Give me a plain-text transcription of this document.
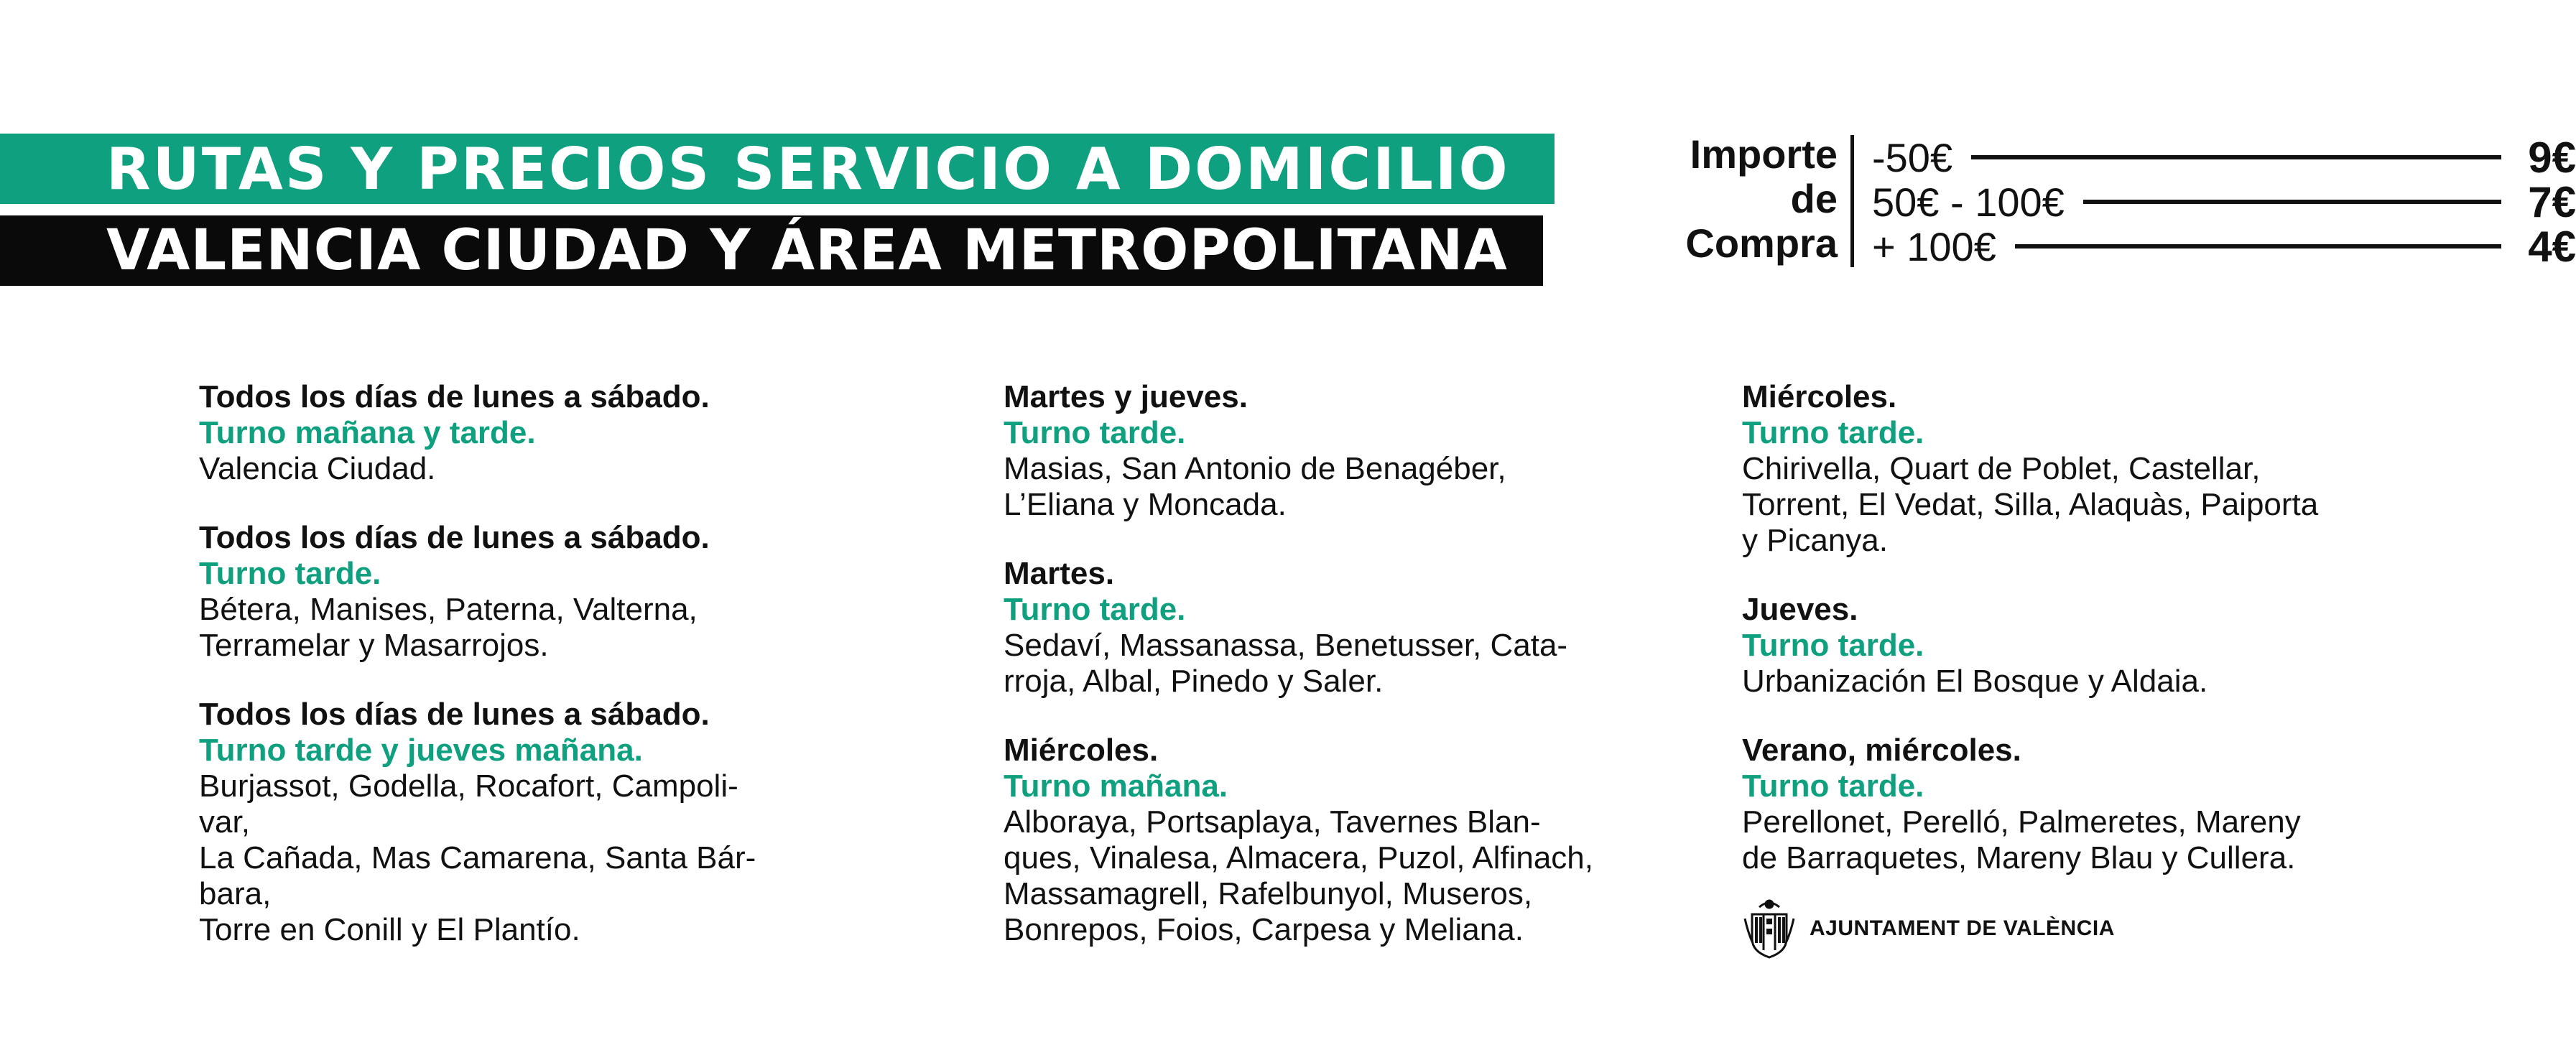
RUTAS Y PRECIOS SERVICIO A DOMICILIO
VALENCIA CIUDAD Y ÁREA METROPOLITANA
Importe
de
Compra
-50€	9€
50€ - 100€	7€
+ 100€	4€
Todos los días de lunes a sábado.
Turno mañana y tarde.
Valencia Ciudad.
Todos los días de lunes a sábado.
Turno tarde.
Bétera, Manises, Paterna, Valterna,
Terramelar y Masarrojos.
Todos los días de lunes a sábado.
Turno tarde y jueves mañana.
Burjassot, Godella, Rocafort, Campoli-
var,
La Cañada, Mas Camarena, Santa Bár-
bara,
Torre en Conill y El Plantío.
Martes y jueves.
Turno tarde.
Masias, San Antonio de Benagéber,
L’Eliana y Moncada.
Martes.
Turno tarde.
Sedaví, Massanassa, Benetusser, Cata-
rroja, Albal, Pinedo y Saler.
Miércoles.
Turno mañana.
Alboraya, Portsaplaya, Tavernes Blan-
ques, Vinalesa, Almacera, Puzol, Alfinach,
Massamagrell, Rafelbunyol, Museros,
Bonrepos, Foios, Carpesa y Meliana.
Miércoles.
Turno tarde.
Chirivella, Quart de Poblet, Castellar,
Torrent, El Vedat, Silla, Alaquàs, Paiporta
y Picanya.
Jueves.
Turno tarde.
Urbanización El Bosque y Aldaia.
Verano, miércoles.
Turno tarde.
Perellonet, Perelló, Palmeretes, Mareny
de Barraquetes, Mareny Blau y Cullera.
AJUNTAMENT DE VALÈNCIA
